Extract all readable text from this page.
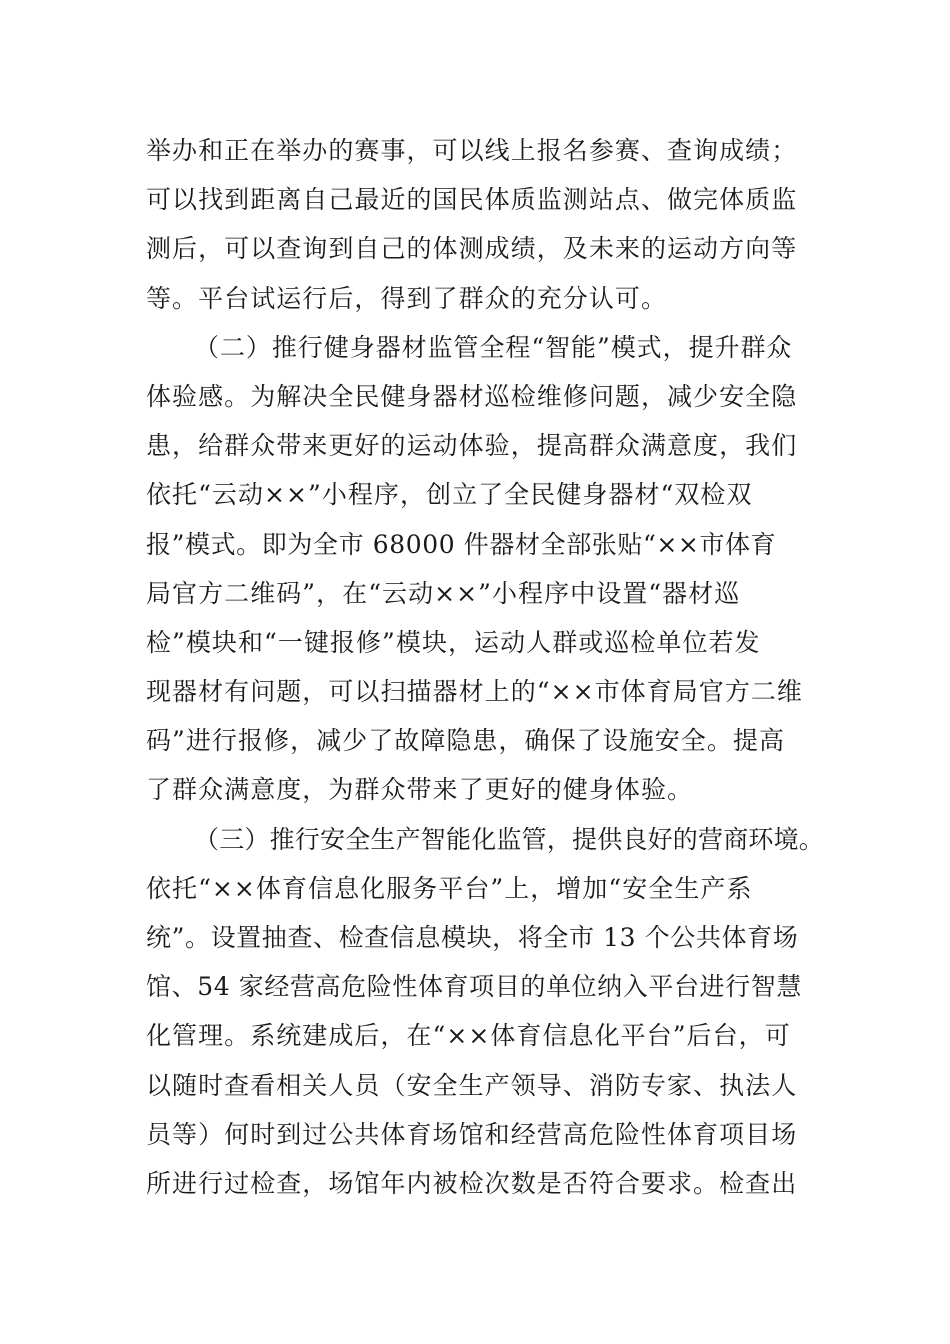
举办和正在举办的赛事，可以线上报名参赛、查询成绩；
可以找到距离自己最近的国民体质监测站点、做完体质监
测后，可以查询到自己的体测成绩，及未来的运动方向等
等。平台试运行后，得到了群众的充分认可。
（二）推行健身器材监管全程“智能”模式，提升群众
体验感。为解决全民健身器材巡检维修问题，减少安全隐
患，给群众带来更好的运动体验，提高群众满意度，我们
依托“云动××”小程序，创立了全民健身器材“双检双
报”模式。即为全市 68000 件器材全部张贴“××市体育
局官方二维码”，在“云动××”小程序中设置“器材巡
检”模块和“一键报修”模块，运动人群或巡检单位若发
现器材有问题，可以扫描器材上的“××市体育局官方二维
码”进行报修，减少了故障隐患，确保了设施安全。提高
了群众满意度，为群众带来了更好的健身体验。
（三）推行安全生产智能化监管，提供良好的营商环境。
依托“××体育信息化服务平台”上，增加“安全生产系
统”。设置抽查、检查信息模块，将全市 13 个公共体育场
馆、54 家经营高危险性体育项目的单位纳入平台进行智慧
化管理。系统建成后，在“××体育信息化平台”后台，可
以随时查看相关人员（安全生产领导、消防专家、执法人
员等）何时到过公共体育场馆和经营高危险性体育项目场
所进行过检查，场馆年内被检次数是否符合要求。检查出
